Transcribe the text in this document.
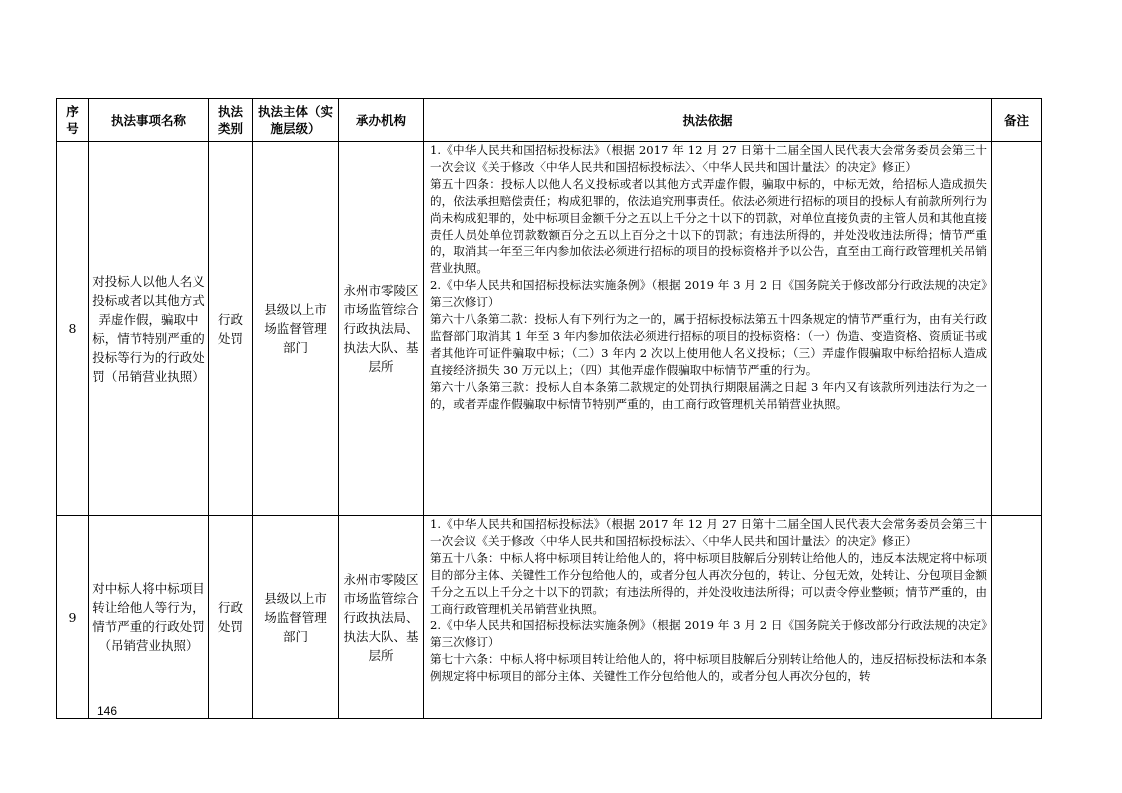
序号	执法事项名称	执法类别	执法主体（实施层级）	承办机构	执法依据	备注
8	对投标人以他人名义投标或者以其他方式弄虚作假，骗取中标，情节特别严重的投标等行为的行政处罚（吊销营业执照）	行政处罚	县级以上市场监督管理部门	永州市零陵区市场监管综合行政执法局、执法大队、基层所	1.《中华人民共和国招标投标法》（根据 2017 年 12 月 27 日第十二届全国人民代表大会常务委员会第三十一次会议《关于修改〈中华人民共和国招标投标法〉、〈中华人民共和国计量法〉的决定》修正）

第五十四条：投标人以他人名义投标或者以其他方式弄虚作假，骗取中标的，中标无效，给招标人造成损失的，依法承担赔偿责任；构成犯罪的，依法追究刑事责任。依法必须进行招标的项目的投标人有前款所列行为尚未构成犯罪的，处中标项目金额千分之五以上千分之十以下的罚款，对单位直接负责的主管人员和其他直接责任人员处单位罚款数额百分之五以上百分之十以下的罚款；有违法所得的，并处没收违法所得；情节严重的，取消其一年至三年内参加依法必须进行招标的项目的投标资格并予以公告，直至由工商行政管理机关吊销营业执照。

2.《中华人民共和国招标投标法实施条例》（根据 2019 年 3 月 2 日《国务院关于修改部分行政法规的决定》第三次修订）

第六十八条第二款：投标人有下列行为之一的，属于招标投标法第五十四条规定的情节严重行为，由有关行政监督部门取消其 1 年至 3 年内参加依法必须进行招标的项目的投标资格：（一）伪造、变造资格、资质证书或者其他许可证件骗取中标；（二）3 年内 2 次以上使用他人名义投标；（三）弄虚作假骗取中标给招标人造成直接经济损失 30 万元以上；（四）其他弄虚作假骗取中标情节严重的行为。

第六十八条第三款：投标人自本条第二款规定的处罚执行期限届满之日起 3 年内又有该款所列违法行为之一的，或者弄虚作假骗取中标情节特别严重的，由工商行政管理机关吊销营业执照。	

9	对中标人将中标项目转让给他人等行为，情节严重的行政处罚（吊销营业执照）	行政处罚	县级以上市场监督管理部门	永州市零陵区市场监管综合行政执法局、执法大队、基层所	1.《中华人民共和国招标投标法》（根据 2017 年 12 月 27 日第十二届全国人民代表大会常务委员会第三十一次会议《关于修改〈中华人民共和国招标投标法〉、〈中华人民共和国计量法〉的决定》修正）

第五十八条：中标人将中标项目转让给他人的，将中标项目肢解后分别转让给他人的，违反本法规定将中标项目的部分主体、关键性工作分包给他人的，或者分包人再次分包的，转让、分包无效，处转让、分包项目金额千分之五以上千分之十以下的罚款；有违法所得的，并处没收违法所得；可以责令停业整顿；情节严重的，由工商行政管理机关吊销营业执照。

2.《中华人民共和国招标投标法实施条例》（根据 2019 年 3 月 2 日《国务院关于修改部分行政法规的决定》第三次修订）

第七十六条：中标人将中标项目转让给他人的，将中标项目肢解后分别转让给他人的，违反招标投标法和本条例规定将中标项目的部分主体、关键性工作分包给他人的，或者分包人再次分包的，转	

146
